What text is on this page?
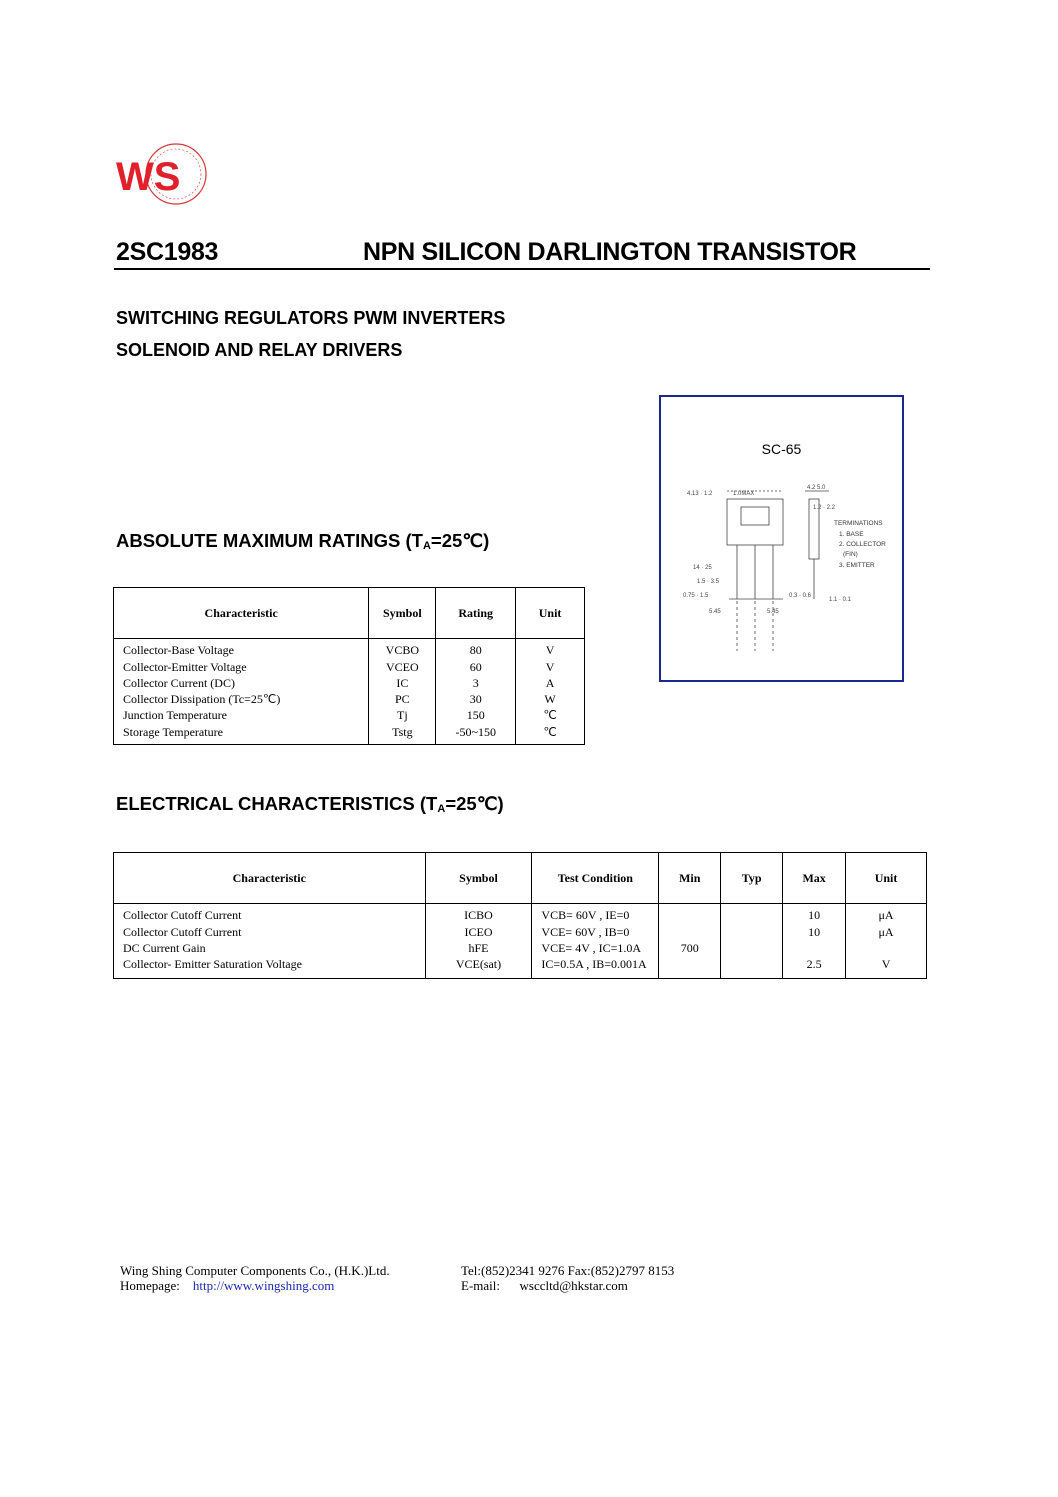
WS
2SC1983	NPN SILICON DARLINGTON TRANSISTOR
SWITCHING REGULATORS PWM INVERTERS
SOLENOID AND RELAY DRIVERS
SC-65
4.13 · 1.2	1.0MAX
4.2 5.0
1.2 · 2.2
14 · 25
1.5 · 3.5
0.75 · 1.5
5.45	5.45
0.3 · 0.6
1.1 · 0.1
TERMINATIONS
1. BASE
2. COLLECTOR
(FIN)
3. EMITTER
ABSOLUTE MAXIMUM RATINGS $(T_A=25℃)$
Characteristic	Symbol	Rating	Unit
Collector-Base Voltage	VCBO	80	V
Collector-Emitter Voltage	VCEO	60	V
Collector Current (DC)	IC	3	A
Collector Dissipation (Tc=25℃)	PC	30	W
Junction Temperature	Tj	150	℃
Storage Temperature	Tstg	-50~150	℃
ELECTRICAL CHARACTERISTICS $(T_A=25℃)$
Characteristic	Symbol	Test Condition	Min	Typ	Max	Unit
Collector Cutoff Current	ICBO	VCB= 60V , IE=0			10	μA
Collector Cutoff Current	ICEO	VCE= 60V , IB=0			10	μA
DC Current Gain	hFE	VCE= 4V , IC=1.0A	700			
Collector- Emitter Saturation Voltage	VCE(sat)	IC=0.5A , IB=0.001A			2.5	V
Wing Shing Computer Components Co., (H.K.)Ltd.
Homepage: http://www.wingshing.com
Tel:(852)2341 9276 Fax:(852)2797 8153
E-mail: wsccltd@hkstar.com
